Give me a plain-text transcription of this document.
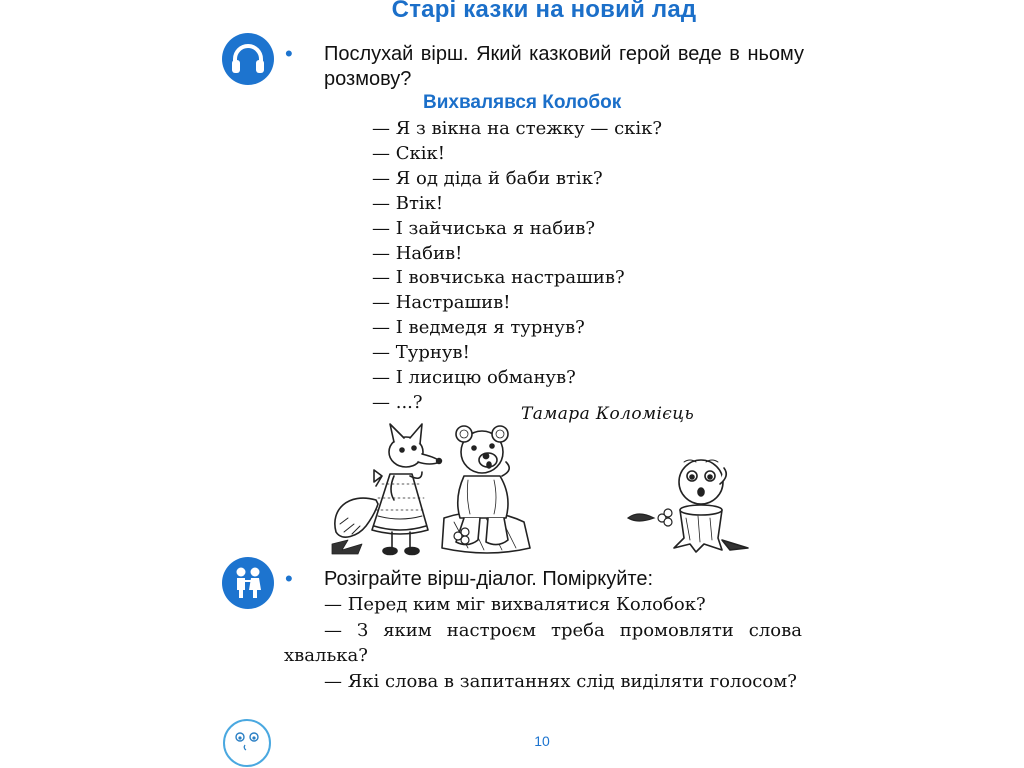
Старі казки на новий лад
• Послухай вірш. Який казковий герой веде в ньому розмову?
Вихвалявся Колобок
— Я з вікна на стежку — скік?
— Скік!
— Я од діда й баби втік?
— Втік!
— І зайчиська я набив?
— Набив!
— І вовчиська настрашив?
— Настрашив!
— І ведмедя я турнув?
— Турнув!
— І лисицю обманув?
— ...?
Тамара Коломієць
• Розіграйте вірш-діалог. Поміркуйте:

— Перед ким міг вихвалятися Колобок?

— З яким настроєм треба промовляти слова хвалька?

— Які слова в запитаннях слід виділяти голосом?

10
